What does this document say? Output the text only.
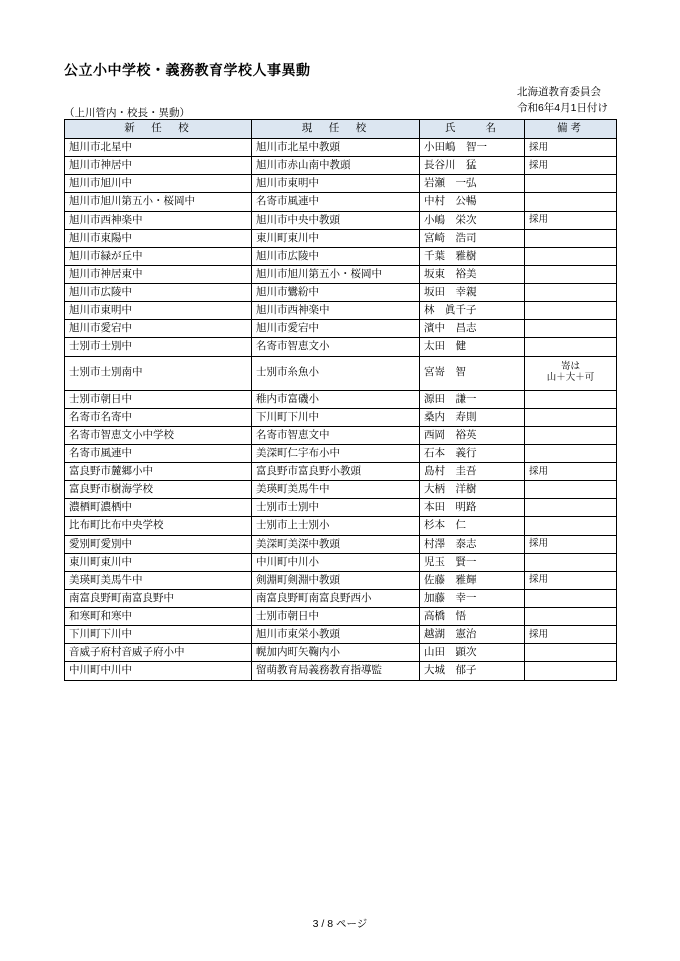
公立小中学校・義務教育学校人事異動
北海道教育委員会
令和6年4月1日付け
（上川管内・校長・異動）
新　任　校	現　任　校	氏　　名	備考
旭川市北星中	旭川市北星中教頭	小田嶋　智一	採用
旭川市神居中	旭川市赤山南中教頭	長谷川　猛	採用
旭川市旭川中	旭川市東明中	岩瀬　一弘	
旭川市旭川第五小・桜岡中	名寄市風連中	中村　公暢	
旭川市西神楽中	旭川市中央中教頭	小嶋　栄次	採用
旭川市東陽中	東川町東川中	宮崎　浩司	
旭川市緑が丘中	旭川市広陵中	千葉　雅樹	
旭川市神居東中	旭川市旭川第五小・桜岡中	坂東　裕美	
旭川市広陵中	旭川市鸞紛中	坂田　幸親	
旭川市東明中	旭川市西神楽中	林　眞千子	
旭川市愛宕中	旭川市愛宕中	濱中　昌志	
士別市士別中	名寄市智恵文小	太田　健	
士別市士別南中	士別市糸魚小	宮嵜　智	嵜は
山＋大＋可

士別市朝日中	稚内市富磯小	源田　謙一	
名寄市名寄中	下川町下川中	桑内　寿則	
名寄市智恵文小中学校	名寄市智恵文中	西岡　裕英	
名寄市風連中	美深町仁宇布小中	石本　義行	
富良野市麓郷小中	富良野市富良野小教頭	島村　圭吾	採用
富良野市樹海学校	美瑛町美馬牛中	大柄　洋樹	
濃栖町濃栖中	士別市士別中	本田　明路	
比布町比布中央学校	士別市上士別小	杉本　仁	
愛別町愛別中	美深町美深中教頭	村澤　泰志	採用
東川町東川中	中川町中川小	児玉　賢一	
美瑛町美馬牛中	剣淵町剣淵中教頭	佐藤　雅輝	採用
南富良野町南富良野中	南富良野町南富良野西小	加藤　幸一	
和寒町和寒中	士別市朝日中	高橋　悟	
下川町下川中	旭川市東栄小教頭	越湖　憲治	採用
音威子府村音威子府小中	幌加内町矢鞠内小	山田　顕次	
中川町中川中	留萌教育局義務教育指導監	大城　郁子	
3 / 8 ページ
